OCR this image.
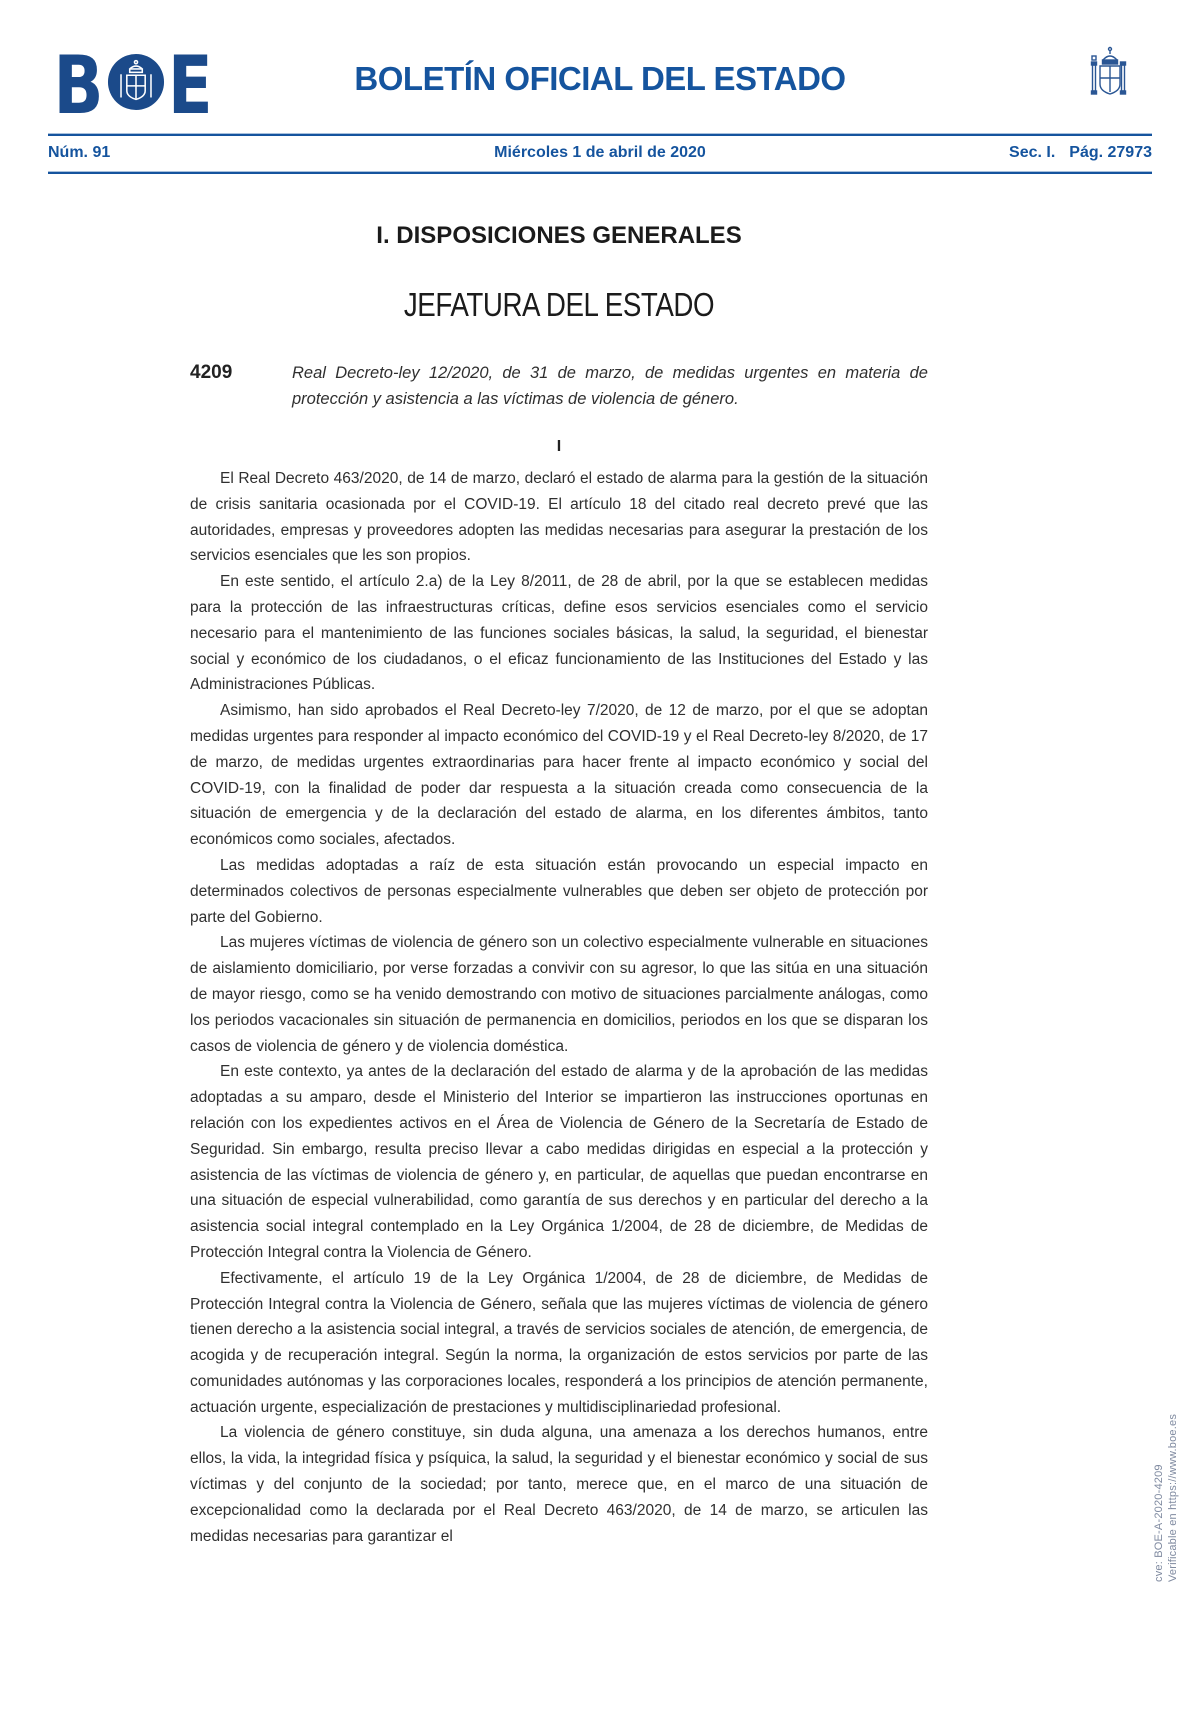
B E	BOLETÍN OFICIAL DEL ESTADO
Núm. 91	Miércoles 1 de abril de 2020	Sec. I. Pág. 27973
I. DISPOSICIONES GENERALES
JEFATURA DEL ESTADO
4209	Real Decreto-ley 12/2020, de 31 de marzo, de medidas urgentes en materia de protección y asistencia a las víctimas de violencia de género.
I

El Real Decreto 463/2020, de 14 de marzo, declaró el estado de alarma para la gestión de la situación de crisis sanitaria ocasionada por el COVID-19. El artículo 18 del citado real decreto prevé que las autoridades, empresas y proveedores adopten las medidas necesarias para asegurar la prestación de los servicios esenciales que les son propios.

En este sentido, el artículo 2.a) de la Ley 8/2011, de 28 de abril, por la que se establecen medidas para la protección de las infraestructuras críticas, define esos servicios esenciales como el servicio necesario para el mantenimiento de las funciones sociales básicas, la salud, la seguridad, el bienestar social y económico de los ciudadanos, o el eficaz funcionamiento de las Instituciones del Estado y las Administraciones Públicas.

Asimismo, han sido aprobados el Real Decreto-ley 7/2020, de 12 de marzo, por el que se adoptan medidas urgentes para responder al impacto económico del COVID-19 y el Real Decreto-ley 8/2020, de 17 de marzo, de medidas urgentes extraordinarias para hacer frente al impacto económico y social del COVID-19, con la finalidad de poder dar respuesta a la situación creada como consecuencia de la situación de emergencia y de la declaración del estado de alarma, en los diferentes ámbitos, tanto económicos como sociales, afectados.

Las medidas adoptadas a raíz de esta situación están provocando un especial impacto en determinados colectivos de personas especialmente vulnerables que deben ser objeto de protección por parte del Gobierno.

Las mujeres víctimas de violencia de género son un colectivo especialmente vulnerable en situaciones de aislamiento domiciliario, por verse forzadas a convivir con su agresor, lo que las sitúa en una situación de mayor riesgo, como se ha venido demostrando con motivo de situaciones parcialmente análogas, como los periodos vacacionales sin situación de permanencia en domicilios, periodos en los que se disparan los casos de violencia de género y de violencia doméstica.

En este contexto, ya antes de la declaración del estado de alarma y de la aprobación de las medidas adoptadas a su amparo, desde el Ministerio del Interior se impartieron las instrucciones oportunas en relación con los expedientes activos en el Área de Violencia de Género de la Secretaría de Estado de Seguridad. Sin embargo, resulta preciso llevar a cabo medidas dirigidas en especial a la protección y asistencia de las víctimas de violencia de género y, en particular, de aquellas que puedan encontrarse en una situación de especial vulnerabilidad, como garantía de sus derechos y en particular del derecho a la asistencia social integral contemplado en la Ley Orgánica 1/2004, de 28 de diciembre, de Medidas de Protección Integral contra la Violencia de Género.

Efectivamente, el artículo 19 de la Ley Orgánica 1/2004, de 28 de diciembre, de Medidas de Protección Integral contra la Violencia de Género, señala que las mujeres víctimas de violencia de género tienen derecho a la asistencia social integral, a través de servicios sociales de atención, de emergencia, de acogida y de recuperación integral. Según la norma, la organización de estos servicios por parte de las comunidades autónomas y las corporaciones locales, responderá a los principios de atención permanente, actuación urgente, especialización de prestaciones y multidisciplinariedad profesional.

La violencia de género constituye, sin duda alguna, una amenaza a los derechos humanos, entre ellos, la vida, la integridad física y psíquica, la salud, la seguridad y el bienestar económico y social de sus víctimas y del conjunto de la sociedad; por tanto, merece que, en el marco de una situación de excepcionalidad como la declarada por el Real Decreto 463/2020, de 14 de marzo, se articulen las medidas necesarias para garantizar el	cve: BOE-A-2020-4209 Verificable en https://www.boe.es
